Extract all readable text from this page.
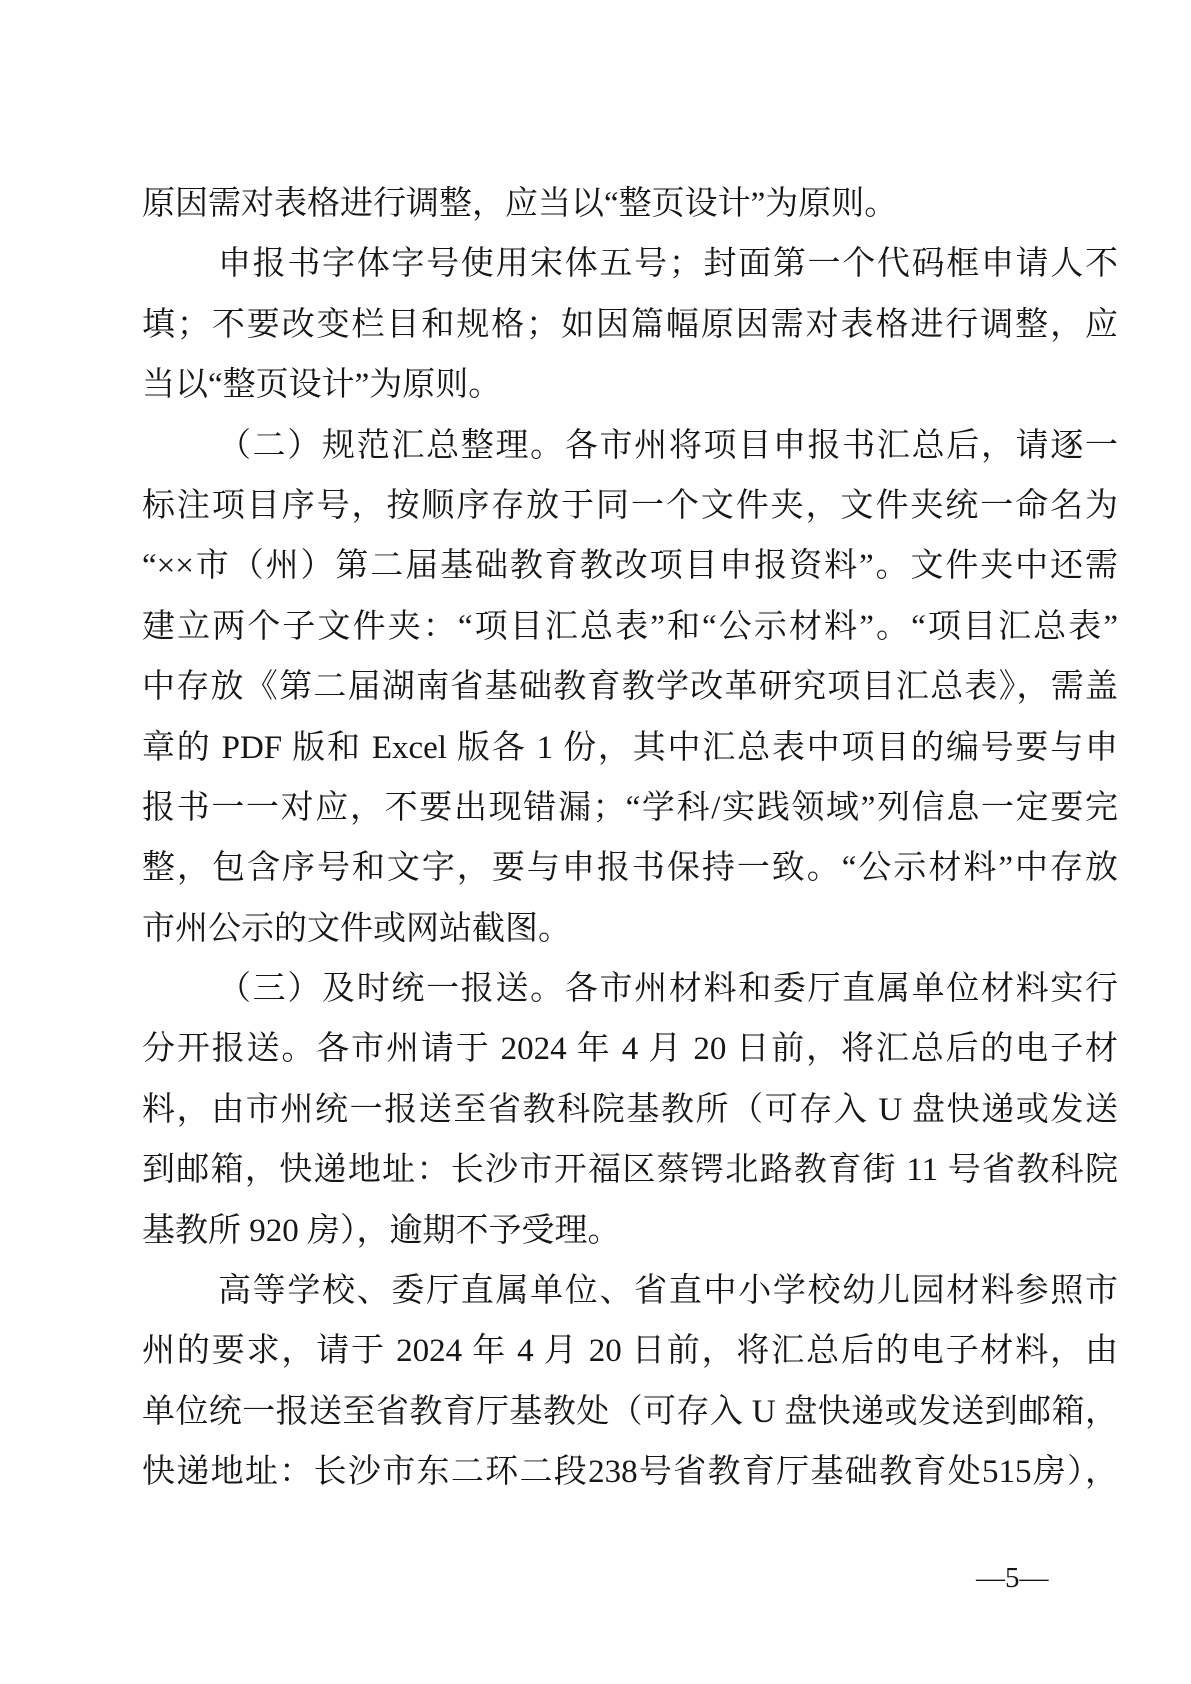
原因需对表格进行调整，应当以“整页设计”为原则。
申报书字体字号使用宋体五号；封面第一个代码框申请人不
填；不要改变栏目和规格；如因篇幅原因需对表格进行调整，应
当以“整页设计”为原则。
（二）规范汇总整理。各市州将项目申报书汇总后，请逐一
标注项目序号，按顺序存放于同一个文件夹，文件夹统一命名为
“××市（州）第二届基础教育教改项目申报资料”。文件夹中还需
建立两个子文件夹：“项目汇总表”和“公示材料”。“项目汇总表”
中存放《第二届湖南省基础教育教学改革研究项目汇总表》，需盖
章的 PDF 版和 Excel 版各 1 份，其中汇总表中项目的编号要与申
报书一一对应，不要出现错漏；“学科/实践领域”列信息一定要完
整，包含序号和文字，要与申报书保持一致。“公示材料”中存放
市州公示的文件或网站截图。
（三）及时统一报送。各市州材料和委厅直属单位材料实行
分开报送。各市州请于 2024 年 4 月 20 日前，将汇总后的电子材
料，由市州统一报送至省教科院基教所（可存入 U 盘快递或发送
到邮箱，快递地址：长沙市开福区蔡锷北路教育街 11 号省教科院
基教所 920 房），逾期不予受理。
高等学校、委厅直属单位、省直中小学校幼儿园材料参照市
州的要求，请于 2024 年 4 月 20 日前，将汇总后的电子材料，由
单位统一报送至省教育厅基教处（可存入 U 盘快递或发送到邮箱，
快递地址：长沙市东二环二段238号省教育厅基础教育处515房），
—5—
